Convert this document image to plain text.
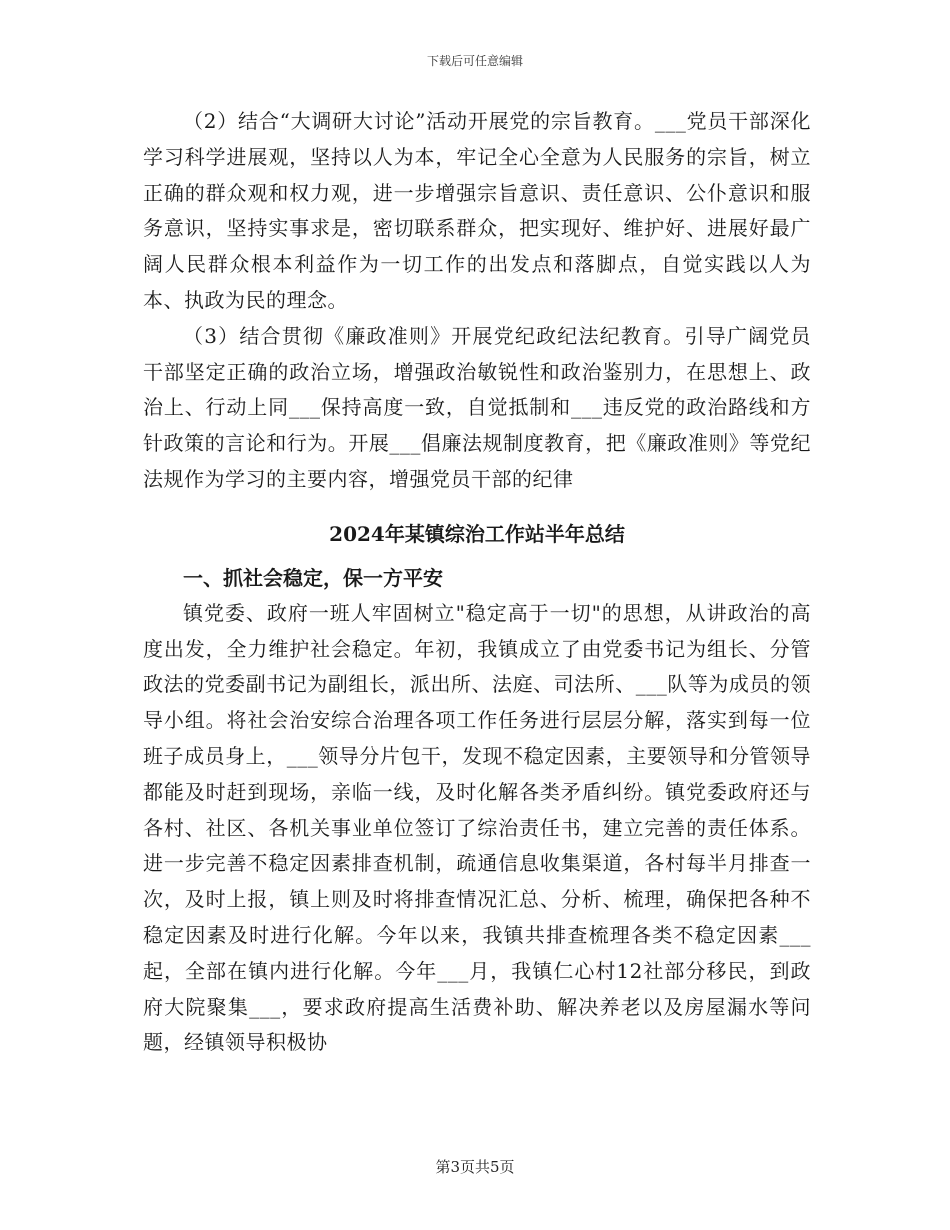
下载后可任意编辑

（2）结合“大调研大讨论”活动开展党的宗旨教育。___党员干部深化学习科学进展观，坚持以人为本，牢记全心全意为人民服务的宗旨，树立正确的群众观和权力观，进一步增强宗旨意识、责任意识、公仆意识和服务意识，坚持实事求是，密切联系群众，把实现好、维护好、进展好最广阔人民群众根本利益作为一切工作的出发点和落脚点，自觉实践以人为本、执政为民的理念。

（3）结合贯彻《廉政准则》开展党纪政纪法纪教育。引导广阔党员干部坚定正确的政治立场，增强政治敏锐性和政治鉴别力，在思想上、政治上、行动上同___保持高度一致，自觉抵制和___违反党的政治路线和方针政策的言论和行为。开展___倡廉法规制度教育，把《廉政准则》等党纪法规作为学习的主要内容，增强党员干部的纪律

2024年某镇综治工作站半年总结

一、抓社会稳定，保一方平安

镇党委、政府一班人牢固树立"稳定高于一切"的思想，从讲政治的高度出发，全力维护社会稳定。年初，我镇成立了由党委书记为组长、分管政法的党委副书记为副组长，派出所、法庭、司法所、___队等为成员的领导小组。将社会治安综合治理各项工作任务进行层层分解，落实到每一位班子成员身上，___领导分片包干，发现不稳定因素，主要领导和分管领导都能及时赶到现场，亲临一线，及时化解各类矛盾纠纷。镇党委政府还与各村、社区、各机关事业单位签订了综治责任书，建立完善的责任体系。进一步完善不稳定因素排查机制，疏通信息收集渠道，各村每半月排查一次，及时上报，镇上则及时将排查情况汇总、分析、梳理，确保把各种不稳定因素及时进行化解。今年以来，我镇共排查梳理各类不稳定因素___起，全部在镇内进行化解。今年___月，我镇仁心村12社部分移民，到政府大院聚集___，要求政府提高生活费补助、解决养老以及房屋漏水等问题，经镇领导积极协

第3页共5页
